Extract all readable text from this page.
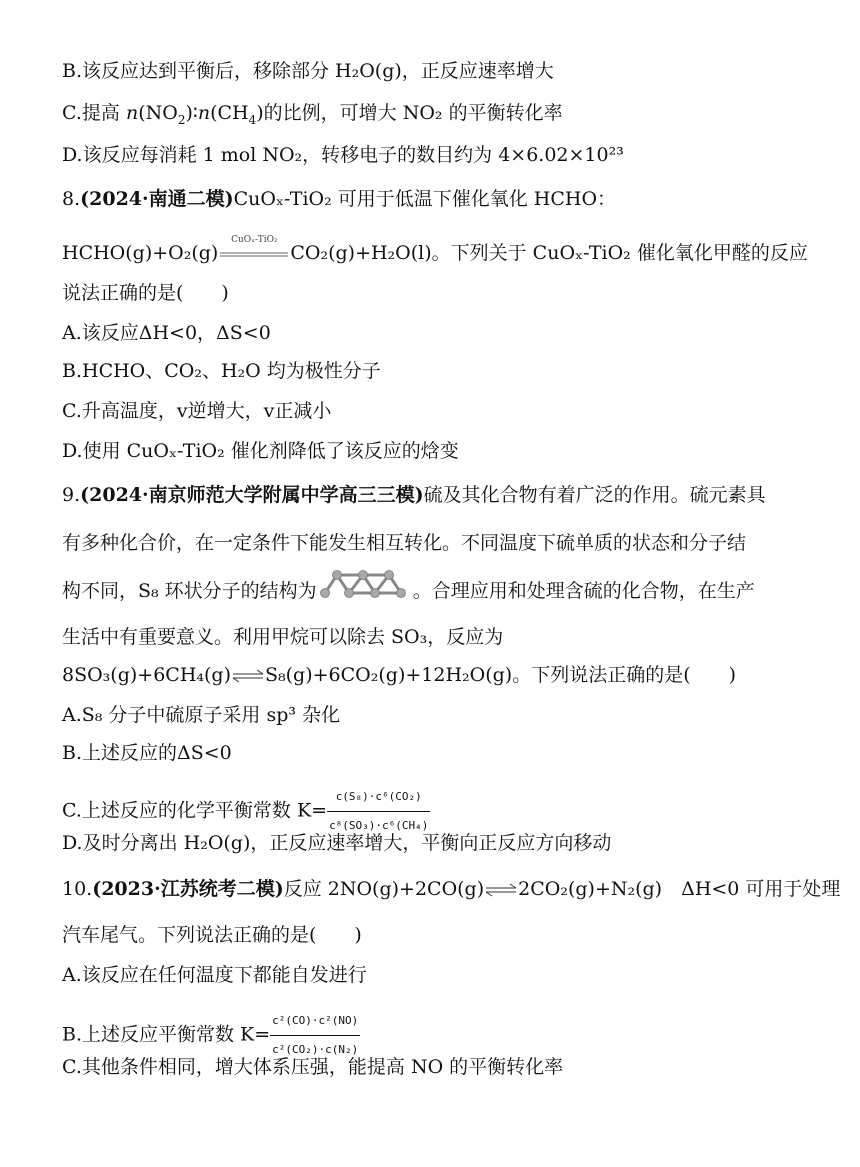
B.该反应达到平衡后，移除部分 H₂O(g)，正反应速率增大
C.提高 $n(NO_2)∶n(CH_4)$的比例，可增大 NO₂ 的平衡转化率
D.该反应每消耗 1 mol NO₂，转移电子的数目约为 4×6.02×10²³
8.(2024·南通二模)CuOₓ-TiO₂ 可用于低温下催化氧化 HCHO：
HCHO(g)+O₂(g)
CuOₓ-TiO₂
CO₂(g)+H₂O(l)。下列关于 CuOₓ-TiO₂ 催化氧化甲醛的反应
说法正确的是(　　)
A.该反应ΔH<0，ΔS<0
B.HCHO、CO₂、H₂O 均为极性分子
C.升高温度，v逆增大，v正减小
D.使用 CuOₓ-TiO₂ 催化剂降低了该反应的焓变
9.(2024·南京师范大学附属中学高三三模)硫及其化合物有着广泛的作用。硫元素具
有多种化合价，在一定条件下能发生相互转化。不同温度下硫单质的状态和分子结
构不同，S₈ 环状分子的结构为	。合理应用和处理含硫的化合物，在生产
生活中有重要意义。利用甲烷可以除去 SO₃，反应为
8SO₃(g)+6CH₄(g)⇌S₈(g)+6CO₂(g)+12H₂O(g)。下列说法正确的是(　　)
A.S₈ 分子中硫原子采用 sp³ 杂化
B.上述反应的ΔS<0
C.上述反应的化学平衡常数 $K= \frac{\text{c(S₈)·c⁶(CO₂)}}{\text{c⁸(SO₃)·c⁶(CH₄)}}$
D.及时分离出 H₂O(g)，正反应速率增大，平衡向正反应方向移动
10.(2023·江苏统考二模)反应 2NO(g)+2CO(g)⇌2CO₂(g)+N₂(g)　ΔH<0 可用于处理
汽车尾气。下列说法正确的是(　　)
A.该反应在任何温度下都能自发进行
B.上述反应平衡常数 $K= \frac{\text{c²(CO)·c²(NO)}}{\text{c²(CO₂)·c(N₂)}}$
C.其他条件相同，增大体系压强，能提高 NO 的平衡转化率
